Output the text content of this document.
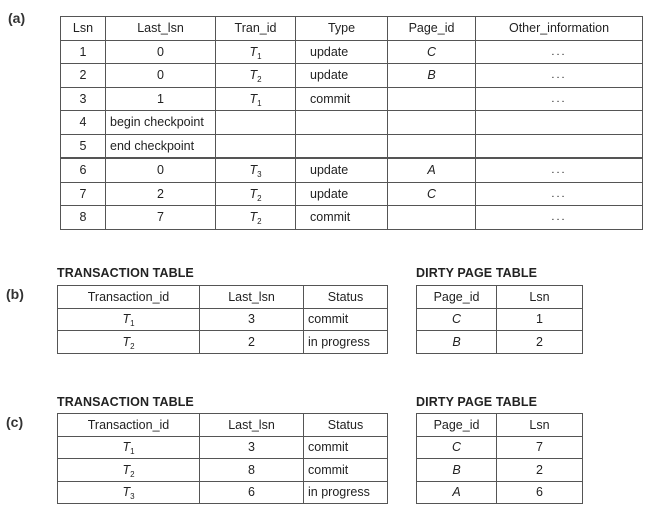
(a)
Lsn	Last_lsn	Tran_id	Type	Page_id	Other_information
1	0	$T_1$	update	C	...
2	0	$T_2$	update	B	...
3	1	$T_1$	commit		...
4	begin checkpoint				
5	end checkpoint				
6	0	$T_3$	update	A	...
7	2	$T_2$	update	C	...
8	7	$T_2$	commit		...
(b)
TRANSACTION TABLE	DIRTY PAGE TABLE
Transaction_id	Last_lsn	Status
$T_1$	3	commit
$T_2$	2	in progress
Page_id	Lsn
C	1
B	2
(c)
TRANSACTION TABLE	DIRTY PAGE TABLE
Transaction_id	Last_lsn	Status
$T_1$	3	commit
$T_2$	8	commit
$T_3$	6	in progress
Page_id	Lsn
C	7
B	2
A	6
